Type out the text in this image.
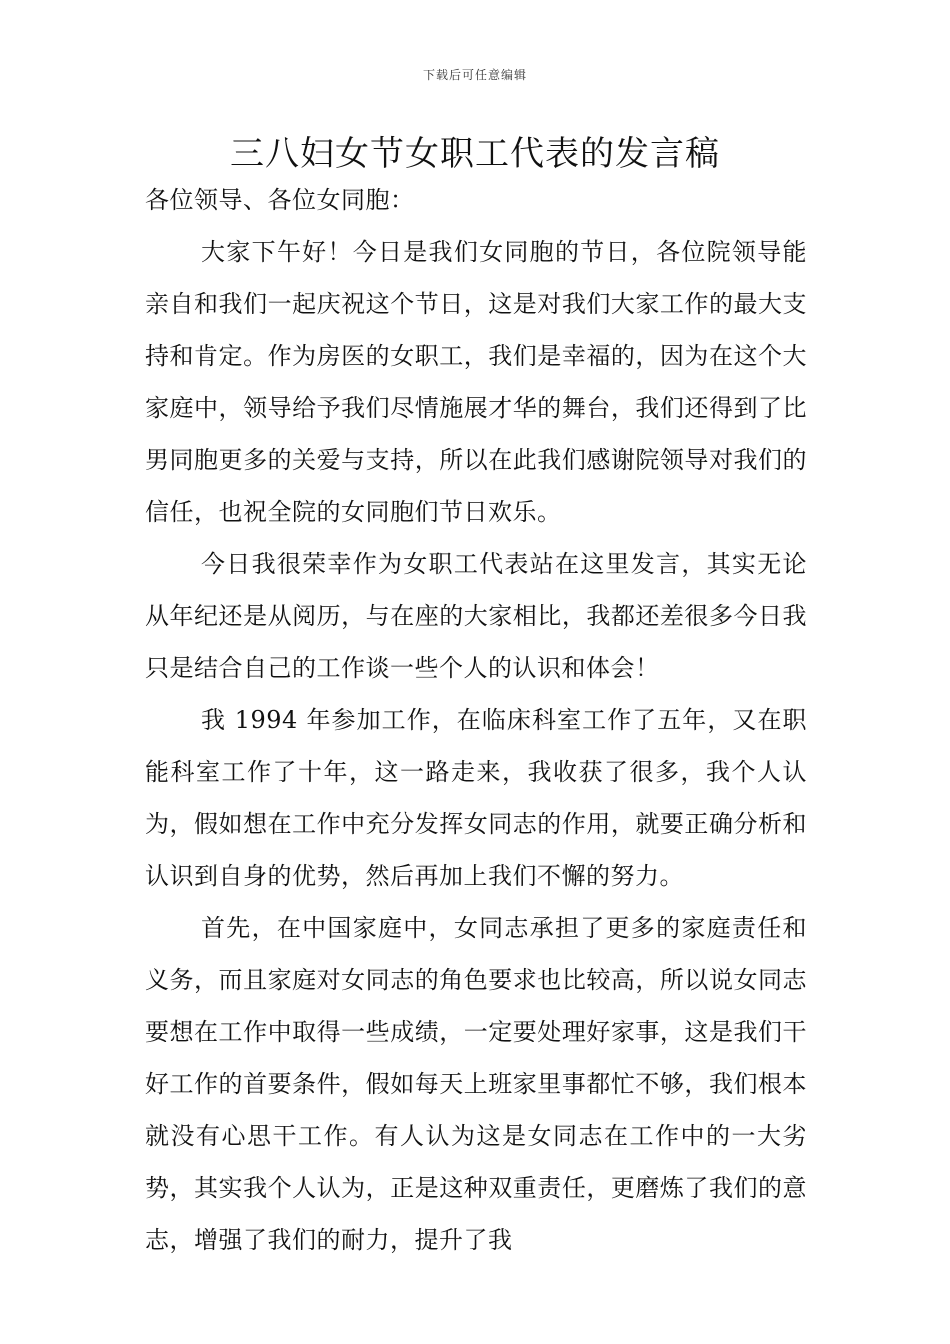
下载后可任意编辑
三八妇女节女职工代表的发言稿

各位领导、各位女同胞：

大家下午好！今日是我们女同胞的节日，各位院领导能亲自和我们一起庆祝这个节日，这是对我们大家工作的最大支持和肯定。作为房医的女职工，我们是幸福的，因为在这个大家庭中，领导给予我们尽情施展才华的舞台，我们还得到了比男同胞更多的关爱与支持，所以在此我们感谢院领导对我们的信任，也祝全院的女同胞们节日欢乐。

今日我很荣幸作为女职工代表站在这里发言，其实无论从年纪还是从阅历，与在座的大家相比，我都还差很多今日我只是结合自己的工作谈一些个人的认识和体会！

我 1994 年参加工作，在临床科室工作了五年，又在职能科室工作了十年，这一路走来，我收获了很多，我个人认为，假如想在工作中充分发挥女同志的作用，就要正确分析和认识到自身的优势，然后再加上我们不懈的努力。

首先，在中国家庭中，女同志承担了更多的家庭责任和义务，而且家庭对女同志的角色要求也比较高，所以说女同志要想在工作中取得一些成绩，一定要处理好家事，这是我们干好工作的首要条件，假如每天上班家里事都忙不够，我们根本就没有心思干工作。有人认为这是女同志在工作中的一大劣势，其实我个人认为，正是这种双重责任，更磨炼了我们的意志，增强了我们的耐力，提升了我
